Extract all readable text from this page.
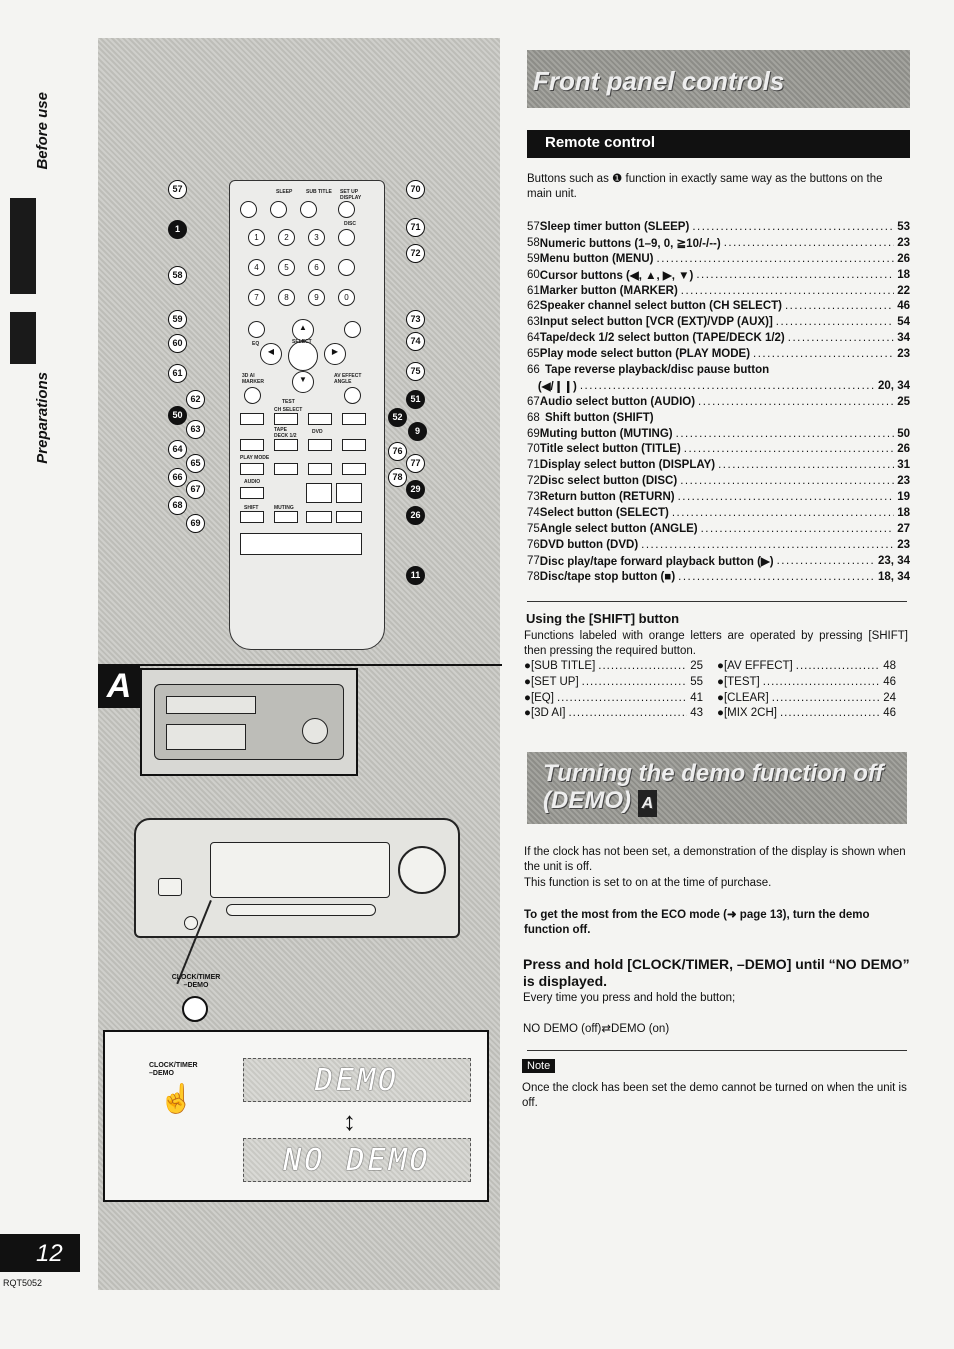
Before use
Preparations
SLEEP	SUB TITLE SET UP DISPLAY
DISC
1	2	3
4	5	6
7	8	9	0
EQ
▲
◀
SELECT
▶
▼
3D AI MARKER
AV EFFECT ANGLE
TEST
CH SELECT
TAPE DECK 1/2
DVD
PLAY MODE
AUDIO
SHIFT	MUTING
57
1
58
59
60
61
62
50
63
64
65
66
67
68
69
70
71
72
73
74
75
51
52
9
76
77
78
29
26
11
A
CLOCK/TIMER
–DEMO
CLOCK/TIMER
–DEMO
☝
DEMO
↕
NO DEMO
Front panel controls
Remote control
Buttons such as ❶ function in exactly same way as the buttons on the main unit.
57 Sleep timer button (SLEEP) .....	53
58 Numeric buttons (1–9, 0, ≧10/-/--) .....	23
59 Menu button (MENU) .....	26
60 Cursor buttons (◀, ▲, ▶, ▼) .....	18
61 Marker button (MARKER) .....	22
62 Speaker channel select button (CH SELECT) .....	46
63 Input select button [VCR (EXT)/VDP (AUX)] .....	54
64 Tape/deck 1/2 select button (TAPE/DECK 1/2) .....	34
65 Play mode select button (PLAY MODE) .....	23
66 Tape reverse playback/disc pause button
(◀/❙❙) .....	20, 34
67 Audio select button (AUDIO) .....	25
68 Shift button (SHIFT)
69 Muting button (MUTING) .....	50
70 Title select button (TITLE) .....	26
71 Display select button (DISPLAY) .....	31
72 Disc select button (DISC) .....	23
73 Return button (RETURN) .....	19
74 Select button (SELECT) .....	18
75 Angle select button (ANGLE) .....	27
76 DVD button (DVD) .....	23
77 Disc play/tape forward playback button (▶) .....	23, 34
78 Disc/tape stop button (■) .....	18, 34
Using the [SHIFT] button
Functions labeled with orange letters are operated by pressing [SHIFT] then pressing the required button.
●[SUB TITLE] .....	25 ●[AV EFFECT] .....	48
●[SET UP] .....	55 ●[TEST] .....	46
●[EQ] .....	41 ●[CLEAR] .....	24
●[3D AI] .....	43 ●[MIX 2CH] .....	46
Turning the demo function off
(DEMO) A
If the clock has not been set, a demonstration of the display is shown when the unit is off.
This function is set to on at the time of purchase.
To get the most from the ECO mode (➜ page 13), turn the demo function off.
Press and hold [CLOCK/TIMER, –DEMO] until “NO DEMO” is displayed.
Every time you press and hold the button;
NO DEMO (off)⇄DEMO (on)
Note
Once the clock has been set the demo cannot be turned on when the unit is off.
12
RQT5052
